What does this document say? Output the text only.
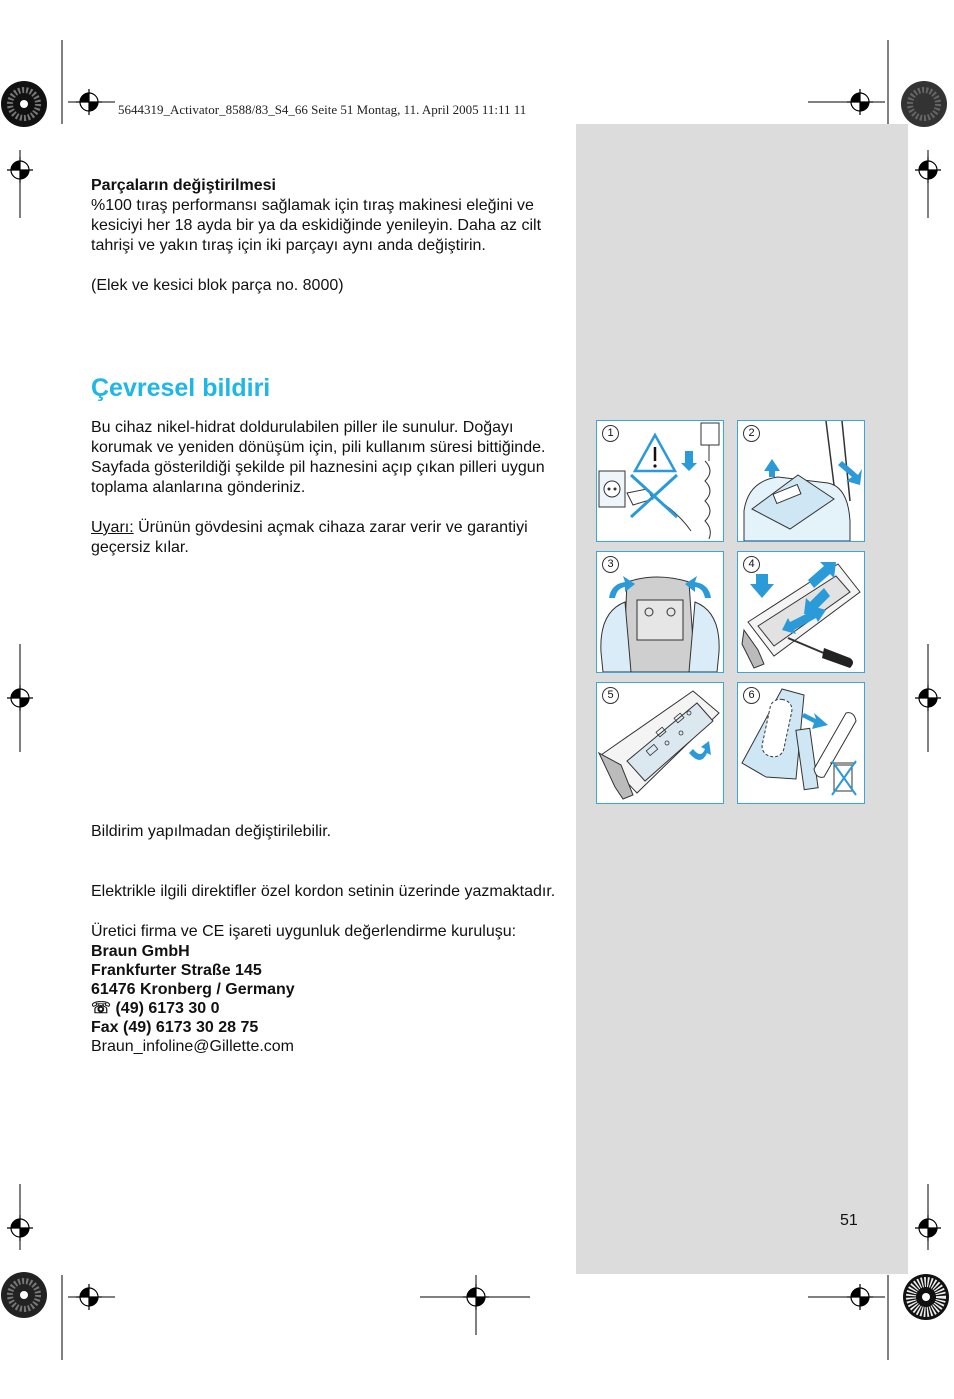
5644319_Activator_8588/83_S4_66 Seite 51 Montag, 11. April 2005 11:11 11

Parçaların değiştirilmesi

%100 tıraş performansı sağlamak için tıraş makinesi eleğini ve kesiciyi her 18 ayda bir ya da eskidiğinde yenileyin. Daha az cilt tahrişi ve yakın tıraş için iki parçayı aynı anda değiştirin.

(Elek ve kesici blok parça no. 8000)

Çevresel bildiri

Bu cihaz nikel-hidrat doldurulabilen piller ile sunulur. Doğayı korumak ve yeniden dönüşüm için, pili kullanım süresi bittiğinde. Sayfada gösterildiği şekilde pil haznesini açıp çıkan pilleri uygun toplama alanlarına gönderiniz.

Uyarı: Ürünün gövdesini açmak cihaza zarar verir ve garantiyi geçersiz kılar.

Bildirim yapılmadan değiştirilebilir.

Elektrikle ilgili direktifler özel kordon setinin üzerinde yazmaktadır.

Üretici firma ve CE işareti uygunluk değerlendirme kuruluşu:

Braun GmbH

Frankfurter Straße 145

61476 Kronberg / Germany

☏ (49) 6173 30 0

Fax (49) 6173 30 28 75

Braun_infoline@Gillette.com

1	2
3	4
5	6
51
